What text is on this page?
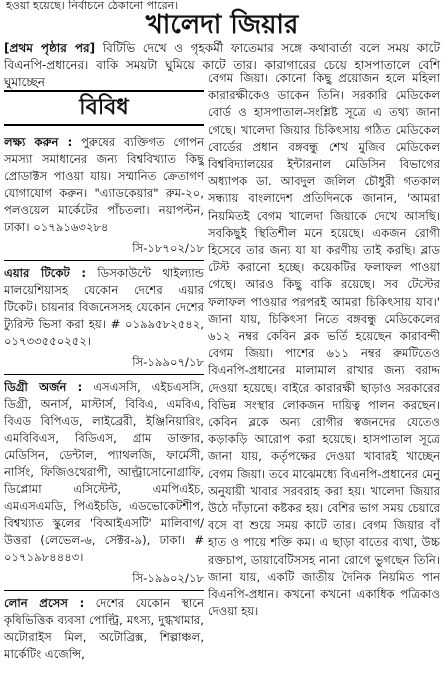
হওয়া হয়েছে। নির্বাচনে ঠেকানো পারেন।
খালেদা জিয়ার

[প্রথম পৃষ্ঠার পর] বিটিভি দেখে ও গৃহকর্মী ফাতেমার সঙ্গে কথাবার্তা বলে সময় কাটে বিএনপি-প্রধানের। বাকি সময়টা ঘুমিয়ে কাটে তার। কারাগারের চেয়ে হাসপাতালে বেশি ঘুমাচ্ছেন

বিবিধ

লক্ষ্য করুন : পুরুষের ব্যক্তিগত গোপন সমস্যা সমাধানের জন্য বিশ্ববিখ্যাত কিছু প্রোডাক্টস পাওয়া যায়। সম্মানিত ক্রেতাগণ যোগাযোগ করুন। "এ্যাডকেয়ার" রুম-২০, পলওয়েল মার্কেটের পাঁচতলা। নয়াপল্টন, ঢাকা। ০১৭৯১৬৩২৮৪

সি-১৮৭০২/১৮

এয়ার টিকেট : ডিসকাউন্টে থাইল্যান্ড মালয়েশিয়াসহ যেকোন দেশের এয়ার টিকেট। চায়নার বিজনেসসহ যেকোন দেশের ট্যুরিস্ট ভিসা করা হয়। # ০১৯৯৫৮২৫৪২, ০১৭৩৩৫৫০২৫২।

সি-১৯৯০৭/১৮

ডিগ্রী অর্জন : এসএসসি, এইচএসসি, ডিগ্রী, অনার্স, মাস্টার্স, বিবিএ, এমবিএ, বিএড বিপিএড, লাইব্রেরী, ইঞ্জিনিয়ারিং, এমবিবিএস, বিডিএস, গ্রাম ডাক্তার, মেডিসিন, ডেন্টাল, প্যাথলজি, ফার্মেসী, নার্সিং, ফিজিওথেরাপী, আল্ট্রাসোনোগ্রাফি, ডিপ্লোমা এসিস্টেন্ট, এমপিএইচ, এমএসএমডি, পিএইচডি, এডভোকেটশীপ, বিশ্বখ্যাত স্কুলের 'বিআইএসটি' মালিবাগ/উত্তরা (লেভেল-৬, সেক্টর-৯), ঢাকা। # ০১৭১৯৮৪৪৪৩।

সি-১৯৯০২/১৮

লোন প্রসেস : দেশের যেকোন স্থানে কৃষিভিত্তিক ব্যবসা পোল্ট্রি, মৎস্য, দুগ্ধখামার, অটোরাইস মিল, অটোব্রিক্স, শিল্পাঞ্চল, মার্কেটিং এজেন্সি,

বেগম জিয়া। কোনো কিছু প্রয়োজন হলে মহিলা কারারক্ষীকেও ডাকেন তিনি। সরকারি মেডিকেল বোর্ড ও হাসপাতাল-সংশ্লিষ্ট সূত্রে এ তথ্য জানা গেছে। খালেদা জিয়ার চিকিৎসায় গঠিত মেডিকেল বোর্ডের প্রধান বঙ্গবন্ধু শেখ মুজিব মেডিকেল বিশ্ববিদ্যালয়ের ইন্টারনাল মেডিসিন বিভাগের অধ্যাপক ডা. আবদুল জলিল চৌধুরী গতকাল সন্ধ্যায় বাংলাদেশ প্রতিদিনকে জানান, 'আমরা নিয়মিতই বেগম খালেদা জিয়াকে দেখে আসছি। সবকিছুই স্থিতিশীল মনে হয়েছে। একজন রোগী হিসেবে তার জন্য যা যা করণীয় তাই করছি। ব্লাড টেস্ট করানো হচ্ছে। কয়েকটির ফলাফল পাওয়া গেছে। আরও কিছু বাকি রয়েছে। সব টেস্টের ফলাফল পাওয়ার পরপরই আমরা চিকিৎসায় যাব।' জানা যায়, চিকিৎসা নিতে বঙ্গবন্ধু মেডিকেলের ৬১২ নম্বর কেবিন ব্লক ভর্তি হয়েছেন কারাবন্দী বেগম জিয়া। পাশের ৬১১ নম্বর রুমটিতেও বিএনপি-প্রধানের মালামাল রাখার জন্য বরাদ্দ দেওয়া হয়েছে। বাইরে কারারক্ষী ছাড়াও সরকারের বিভিন্ন সংস্থার লোকজন দায়িত্ব পালন করছেন। কেবিন ব্লকে অন্য রোগীর স্বজনদের যেতেও কড়াকড়ি আরোপ করা হয়েছে। হাসপাতাল সূত্রে জানা যায়, কর্তৃপক্ষের দেওয়া খাবারই খাচ্ছেন বেগম জিয়া। তবে মাঝেমধ্যে বিএনপি-প্রধানের মেনু অনুযায়ী খাবার সরবরাহ করা হয়। খালেদা জিয়ার উঠে দাঁড়ানো কষ্টকর হয়। বেশির ভাগ সময় চেয়ারে বসে বা শুয়ে সময় কাটে তার। বেগম জিয়ার বাঁ হাত ও পায়ে শক্তি কম। এ ছাড়া বাতের ব্যথা, উচ্চ রক্তচাপ, ডায়াবেটিসসহ নানা রোগে ভুগছেন তিনি। জানা যায়, একটি জাতীয় দৈনিক নিয়মিত পান বিএনপি-প্রধান। কখনো কখনো একাধিক পত্রিকাও দেওয়া হয়।
